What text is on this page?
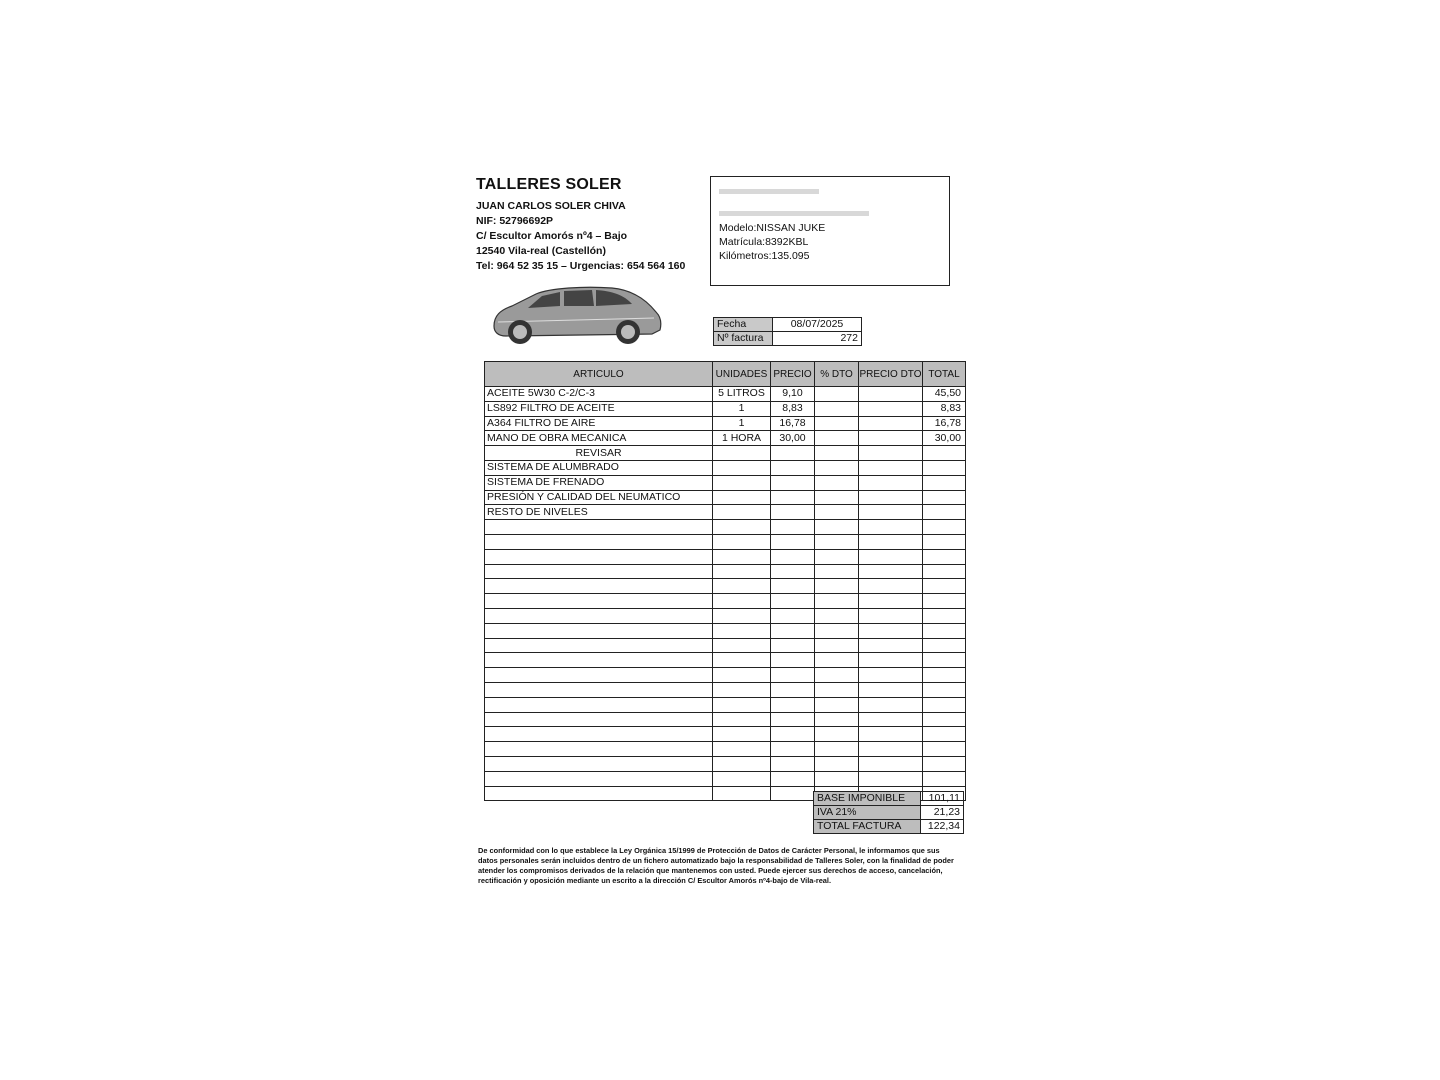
TALLERES SOLER
JUAN CARLOS SOLER CHIVA
NIF: 52796692P
C/ Escultor Amorós nº4 – Bajo
12540 Vila-real (Castellón)
Tel: 964 52 35 15 – Urgencias: 654 564 160
Modelo:NISSAN JUKE
Matrícula:8392KBL
Kilómetros:135.095
Fecha	08/07/2025
Nº factura	272
ARTICULO	UNIDADES	PRECIO	% DTO	PRECIO DTO	TOTAL
ACEITE 5W30 C-2/C-3	5 LITROS	9,10			45,50
LS892 FILTRO DE ACEITE	1	8,83			8,83
A364 FILTRO DE AIRE	1	16,78			16,78
MANO DE OBRA MECANICA	1 HORA	30,00			30,00
REVISAR					
SISTEMA DE ALUMBRADO					
SISTEMA DE FRENADO					
PRESIÓN Y CALIDAD DEL NEUMATICO					
RESTO DE NIVELES					

BASE IMPONIBLE	101,11
IVA 21%	21,23
TOTAL FACTURA	122,34
De conformidad con lo que establece la Ley Orgánica 15/1999 de Protección de Datos de Carácter Personal, le informamos que sus datos personales serán incluidos dentro de un fichero automatizado bajo la responsabilidad de Talleres Soler, con la finalidad de poder atender los compromisos derivados de la relación que mantenemos con usted. Puede ejercer sus derechos de acceso, cancelación, rectificación y oposición mediante un escrito a la dirección C/ Escultor Amorós nº4-bajo de Vila-real.
